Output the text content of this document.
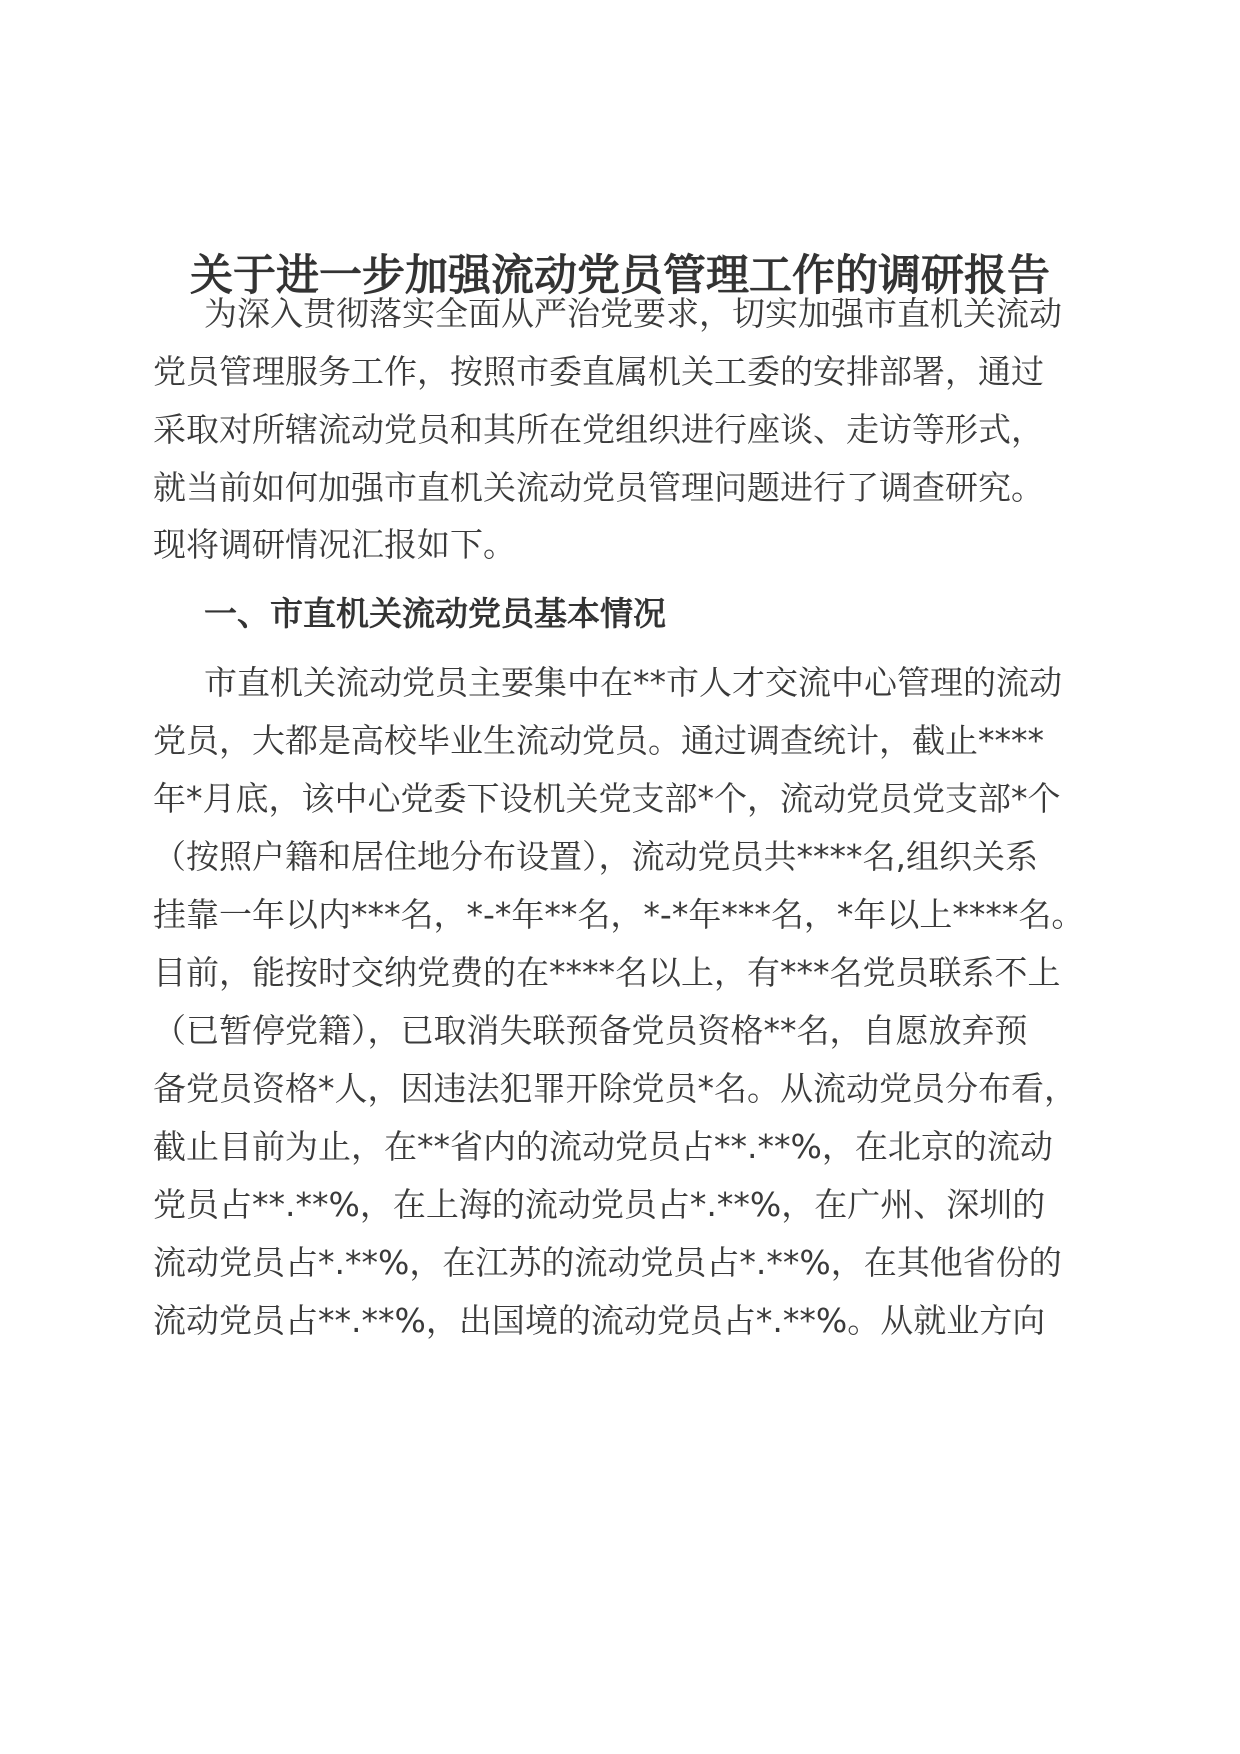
关于进一步加强流动党员管理工作的调研报告
为深入贯彻落实全面从严治党要求，切实加强市直机关流动
党员管理服务工作，按照市委直属机关工委的安排部署，通过
采取对所辖流动党员和其所在党组织进行座谈、走访等形式，
就当前如何加强市直机关流动党员管理问题进行了调查研究。
现将调研情况汇报如下。
一、市直机关流动党员基本情况
市直机关流动党员主要集中在**市人才交流中心管理的流动
党员，大都是高校毕业生流动党员。通过调查统计，截止****
年*月底，该中心党委下设机关党支部*个，流动党员党支部*个
（按照户籍和居住地分布设置），流动党员共****名,组织关系
挂靠一年以内***名，*-*年**名，*-*年***名，*年以上****名。
目前，能按时交纳党费的在****名以上，有***名党员联系不上
（已暂停党籍），已取消失联预备党员资格**名，自愿放弃预
备党员资格*人，因违法犯罪开除党员*名。从流动党员分布看，
截止目前为止，在**省内的流动党员占**.**%，在北京的流动
党员占**.**%，在上海的流动党员占*.**%，在广州、深圳的
流动党员占*.**%，在江苏的流动党员占*.**%，在其他省份的
流动党员占**.**%，出国境的流动党员占*.**%。从就业方向
